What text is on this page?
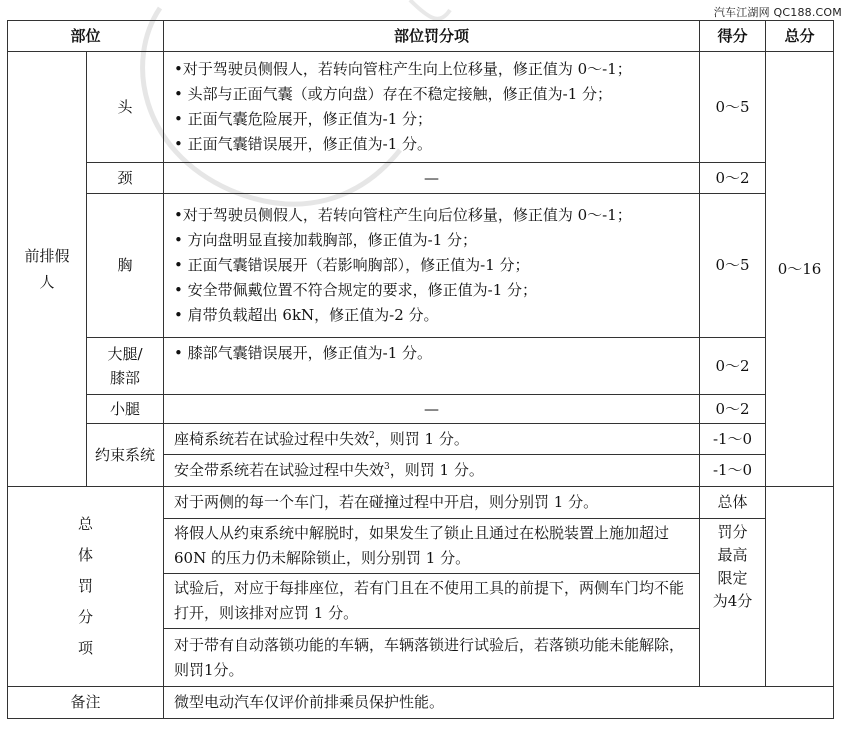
汽车江湖网 QC188.COM
部位		部位罚分项	得分	总分
前排假人	头	•对于驾驶员侧假人，若转向管柱产生向上位移量，修正值为 0～-1；
• 头部与正面气囊（或方向盘）存在不稳定接触，修正值为-1 分；
• 正面气囊危险展开，修正值为-1 分；
• 正面气囊错误展开，修正值为-1 分。	0～5	0～16
	颈	—	0～2	
	胸	•对于驾驶员侧假人，若转向管柱产生向后位移量，修正值为 0～-1；
• 方向盘明显直接加载胸部，修正值为-1 分；
• 正面气囊错误展开（若影响胸部），修正值为-1 分；
• 安全带佩戴位置不符合规定的要求，修正值为-1 分；
• 肩带负载超出 6kN，修正值为-2 分。	0～5	

	大腿/
膝部	• 膝部气囊错误展开，修正值为-1 分。	0～2	
	小腿	—	0～2	
	约束系统	座椅系统若在试验过程中失效$^2$，则罚 1 分。	-1～0	
		安全带系统若在试验过程中失效$^3$，则罚 1 分。	-1～0	

总
体
罚
分
项		对于两侧的每一个车门，若在碰撞过程中开启，则分别罚 1 分。	总体	
		将假人从约束系统中解脱时，如果发生了锁止且通过在松脱装置上施加超过 60N 的压力仍未解除锁止，则分别罚 1 分。	罚分
最高
限定
为4分	

		试验后，对应于每排座位，若有门且在不使用工具的前提下，两侧车门均不能打开，则该排对应罚 1 分。		
		对于带有自动落锁功能的车辆，车辆落锁进行试验后，若落锁功能未能解除，则罚1分。		
备注		微型电动汽车仅评价前排乘员保护性能。		
